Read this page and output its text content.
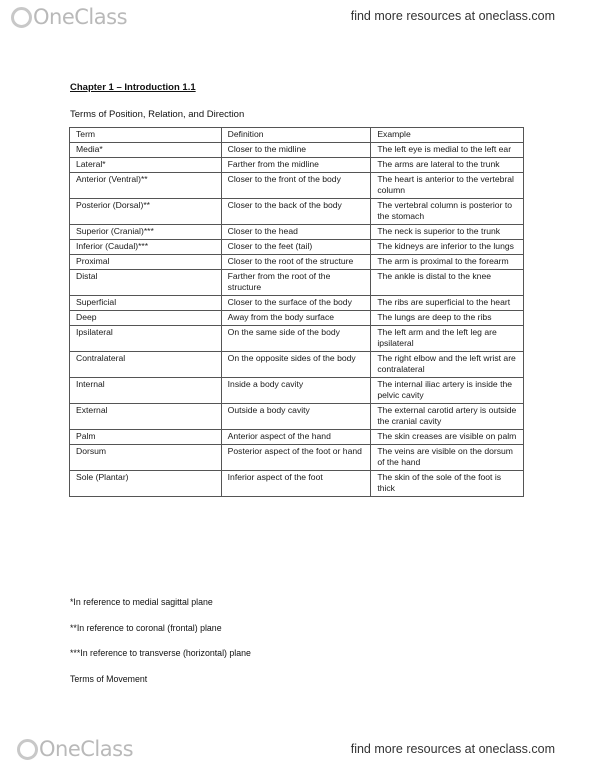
OneClass	find more resources at oneclass.com
Chapter 1 – Introduction 1.1
Terms of Position, Relation, and Direction
Term	Definition	Example
Media*	Closer to the midline	The left eye is medial to the left ear
Lateral*	Farther from the midline	The arms are lateral to the trunk
Anterior (Ventral)**	Closer to the front of the body	The heart is anterior to the vertebral column
Posterior (Dorsal)**	Closer to the back of the body	The vertebral column is posterior to the stomach
Superior (Cranial)***	Closer to the head	The neck is superior to the trunk
Inferior (Caudal)***	Closer to the feet (tail)	The kidneys are inferior to the lungs
Proximal	Closer to the root of the structure	The arm is proximal to the forearm
Distal	Farther from the root of the structure	The ankle is distal to the knee
Superficial	Closer to the surface of the body	The ribs are superficial to the heart
Deep	Away from the body surface	The lungs are deep to the ribs
Ipsilateral	On the same side of the body	The left arm and the left leg are ipsilateral
Contralateral	On the opposite sides of the body	The right elbow and the left wrist are contralateral
Internal	Inside a body cavity	The internal iliac artery is inside the pelvic cavity
External	Outside a body cavity	The external carotid artery is outside the cranial cavity
Palm	Anterior aspect of the hand	The skin creases are visible on palm
Dorsum	Posterior aspect of the foot or hand	The veins are visible on the dorsum of the hand
Sole (Plantar)	Inferior aspect of the foot	The skin of the sole of the foot is thick
*In reference to medial sagittal plane
**In reference to coronal (frontal) plane
***In reference to transverse (horizontal) plane
Terms of Movement
OneClass	find more resources at oneclass.com
